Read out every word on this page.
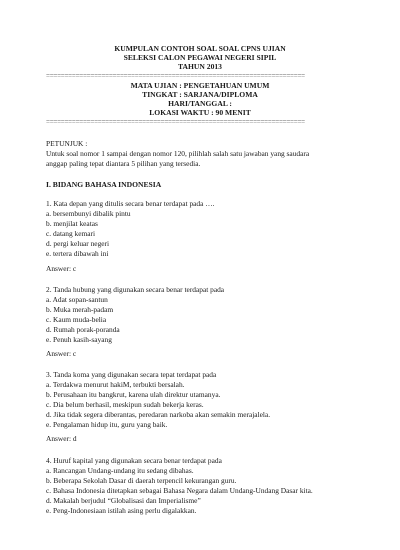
KUMPULAN CONTOH SOAL SOAL CPNS UJIAN
SELEKSI CALON PEGAWAI NEGERI SIPIL
TAHUN 2013
======================================================================
MATA UJIAN : PENGETAHUAN UMUM
TINGKAT : SARJANA/DIPLOMA
HARI/TANGGAL :
LOKASI WAKTU : 90 MENIT
======================================================================
PETUNJUK :
Untuk soal nomor 1 sampai dengan nomor 120, pilihlah salah satu jawaban yang saudara
anggap paling tepat diantara 5 pilihan yang tersedia.
I. BIDANG BAHASA INDONESIA
1. Kata depan yang ditulis secara benar terdapat pada ….
a. bersembunyi dibalik pintu
b. menjilat keatas
c. datang kemari
d. pergi keluar negeri
e. tertera dibawah ini
Answer: c
2. Tanda hubung yang digunakan secara benar terdapat pada
a. Adat sopan-santun
b. Muka merah-padam
c. Kaum muda-belia
d. Rumah porak-poranda
e. Penuh kasih-sayang
Answer: c
3. Tanda koma yang digunakan secara tepat terdapat pada
a. Terdakwa menurut hakiM, terbukti bersalah.
b. Perusahaan itu bangkrut, karena ulah direktur utamanya.
c. Dia belum berhasil, meskipun sudah bekerja keras.
d. Jika tidak segera diberantas, peredaran narkoba akan semakin merajalela.
e. Pengalaman hidup itu, guru yang baik.
Answer: d
4. Huruf kapital yang digunakan secara benar terdapat pada
a. Rancangan Undang-undang itu sedang dibahas.
b. Beberapa Sekolah Dasar di daerah terpencil kekurangan guru.
c. Bahasa Indonesia ditetapkan sebagai Bahasa Negara dalam Undang-Undang Dasar kita.
d. Makalah berjudul “Globalisasi dan Imperialisme”
e. Peng-Indonesiaan istilah asing perlu digalakkan.
